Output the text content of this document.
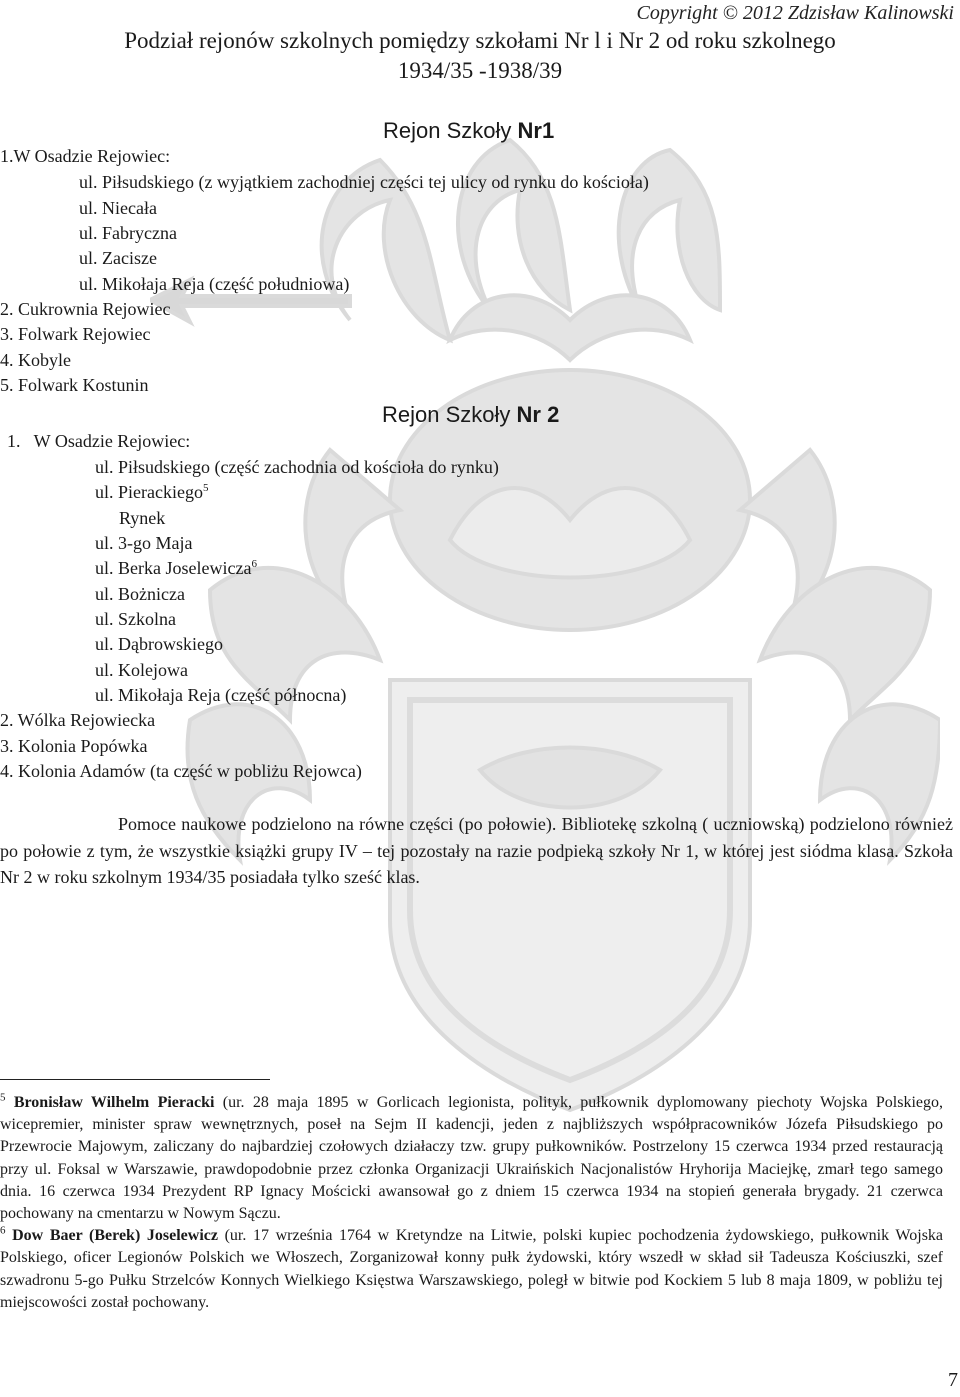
Copyright © 2012 Zdzisław Kalinowski
Podział rejonów szkolnych pomiędzy szkołami Nr l i Nr 2 od roku szkolnego
1934/35 -1938/39
Rejon Szkoły Nr1
1.W Osadzie Rejowiec:
ul. Piłsudskiego (z wyjątkiem zachodniej części tej ulicy od rynku do kościoła)
ul. Niecała
ul. Fabryczna
ul. Zacisze
ul. Mikołaja Reja (część południowa)
2. Cukrownia Rejowiec
3. Folwark Rejowiec
4. Kobyle
5. Folwark Kostunin
Rejon Szkoły Nr 2
1.   W Osadzie Rejowiec:
ul. Piłsudskiego (część zachodnia od kościoła do rynku)
ul. Pierackiego$^5$
Rynek
ul. 3-go Maja
ul. Berka Joselewicza$^6$
ul. Bożnicza
ul. Szkolna
ul. Dąbrowskiego
ul. Kolejowa
ul. Mikołaja Reja (część północna)
2. Wólka Rejowiecka
3. Kolonia Popówka
4. Kolonia Adamów (ta część w pobliżu Rejowca)
Pomoce naukowe podzielono na równe części (po połowie). Bibliotekę szkolną ( uczniowską) podzielono również po połowie z tym, że wszystkie książki grupy IV – tej pozostały na razie podpieką szkoły Nr 1, w której jest siódma klasa. Szkoła Nr 2 w roku szkolnym 1934/35 posiadała tylko sześć klas.
$^5$ Bronisław Wilhelm Pieracki (ur. 28 maja 1895 w Gorlicach legionista, polityk, pułkownik dyplomowany piechoty Wojska Polskiego, wicepremier, minister spraw wewnętrznych, poseł na Sejm II kadencji, jeden z najbliższych współpracowników Józefa Piłsudskiego po Przewrocie Majowym, zaliczany do najbardziej czołowych działaczy tzw. grupy pułkowników. Postrzelony 15 czerwca 1934 przed restauracją przy ul. Foksal w Warszawie, prawdopodobnie przez członka Organizacji Ukraińskich Nacjonalistów Hryhorija Maciejkę, zmarł tego samego dnia. 16 czerwca 1934 Prezydent RP Ignacy Mościcki awansował go z dniem 15 czerwca 1934 na stopień generała brygady. 21 czerwca pochowany na cmentarzu w Nowym Sączu.
$^6$ Dow Baer (Berek) Joselewicz (ur. 17 września 1764 w Kretyndze na Litwie, polski kupiec pochodzenia żydowskiego, pułkownik Wojska Polskiego, oficer Legionów Polskich we Włoszech, Zorganizował konny pułk żydowski, który wszedł w skład sił Tadeusza Kościuszki, szef szwadronu 5-go Pułku Strzelców Konnych Wielkiego Księstwa Warszawskiego, poległ w bitwie pod Kockiem 5 lub 8 maja 1809, w pobliżu tej miejscowości został pochowany.
7
